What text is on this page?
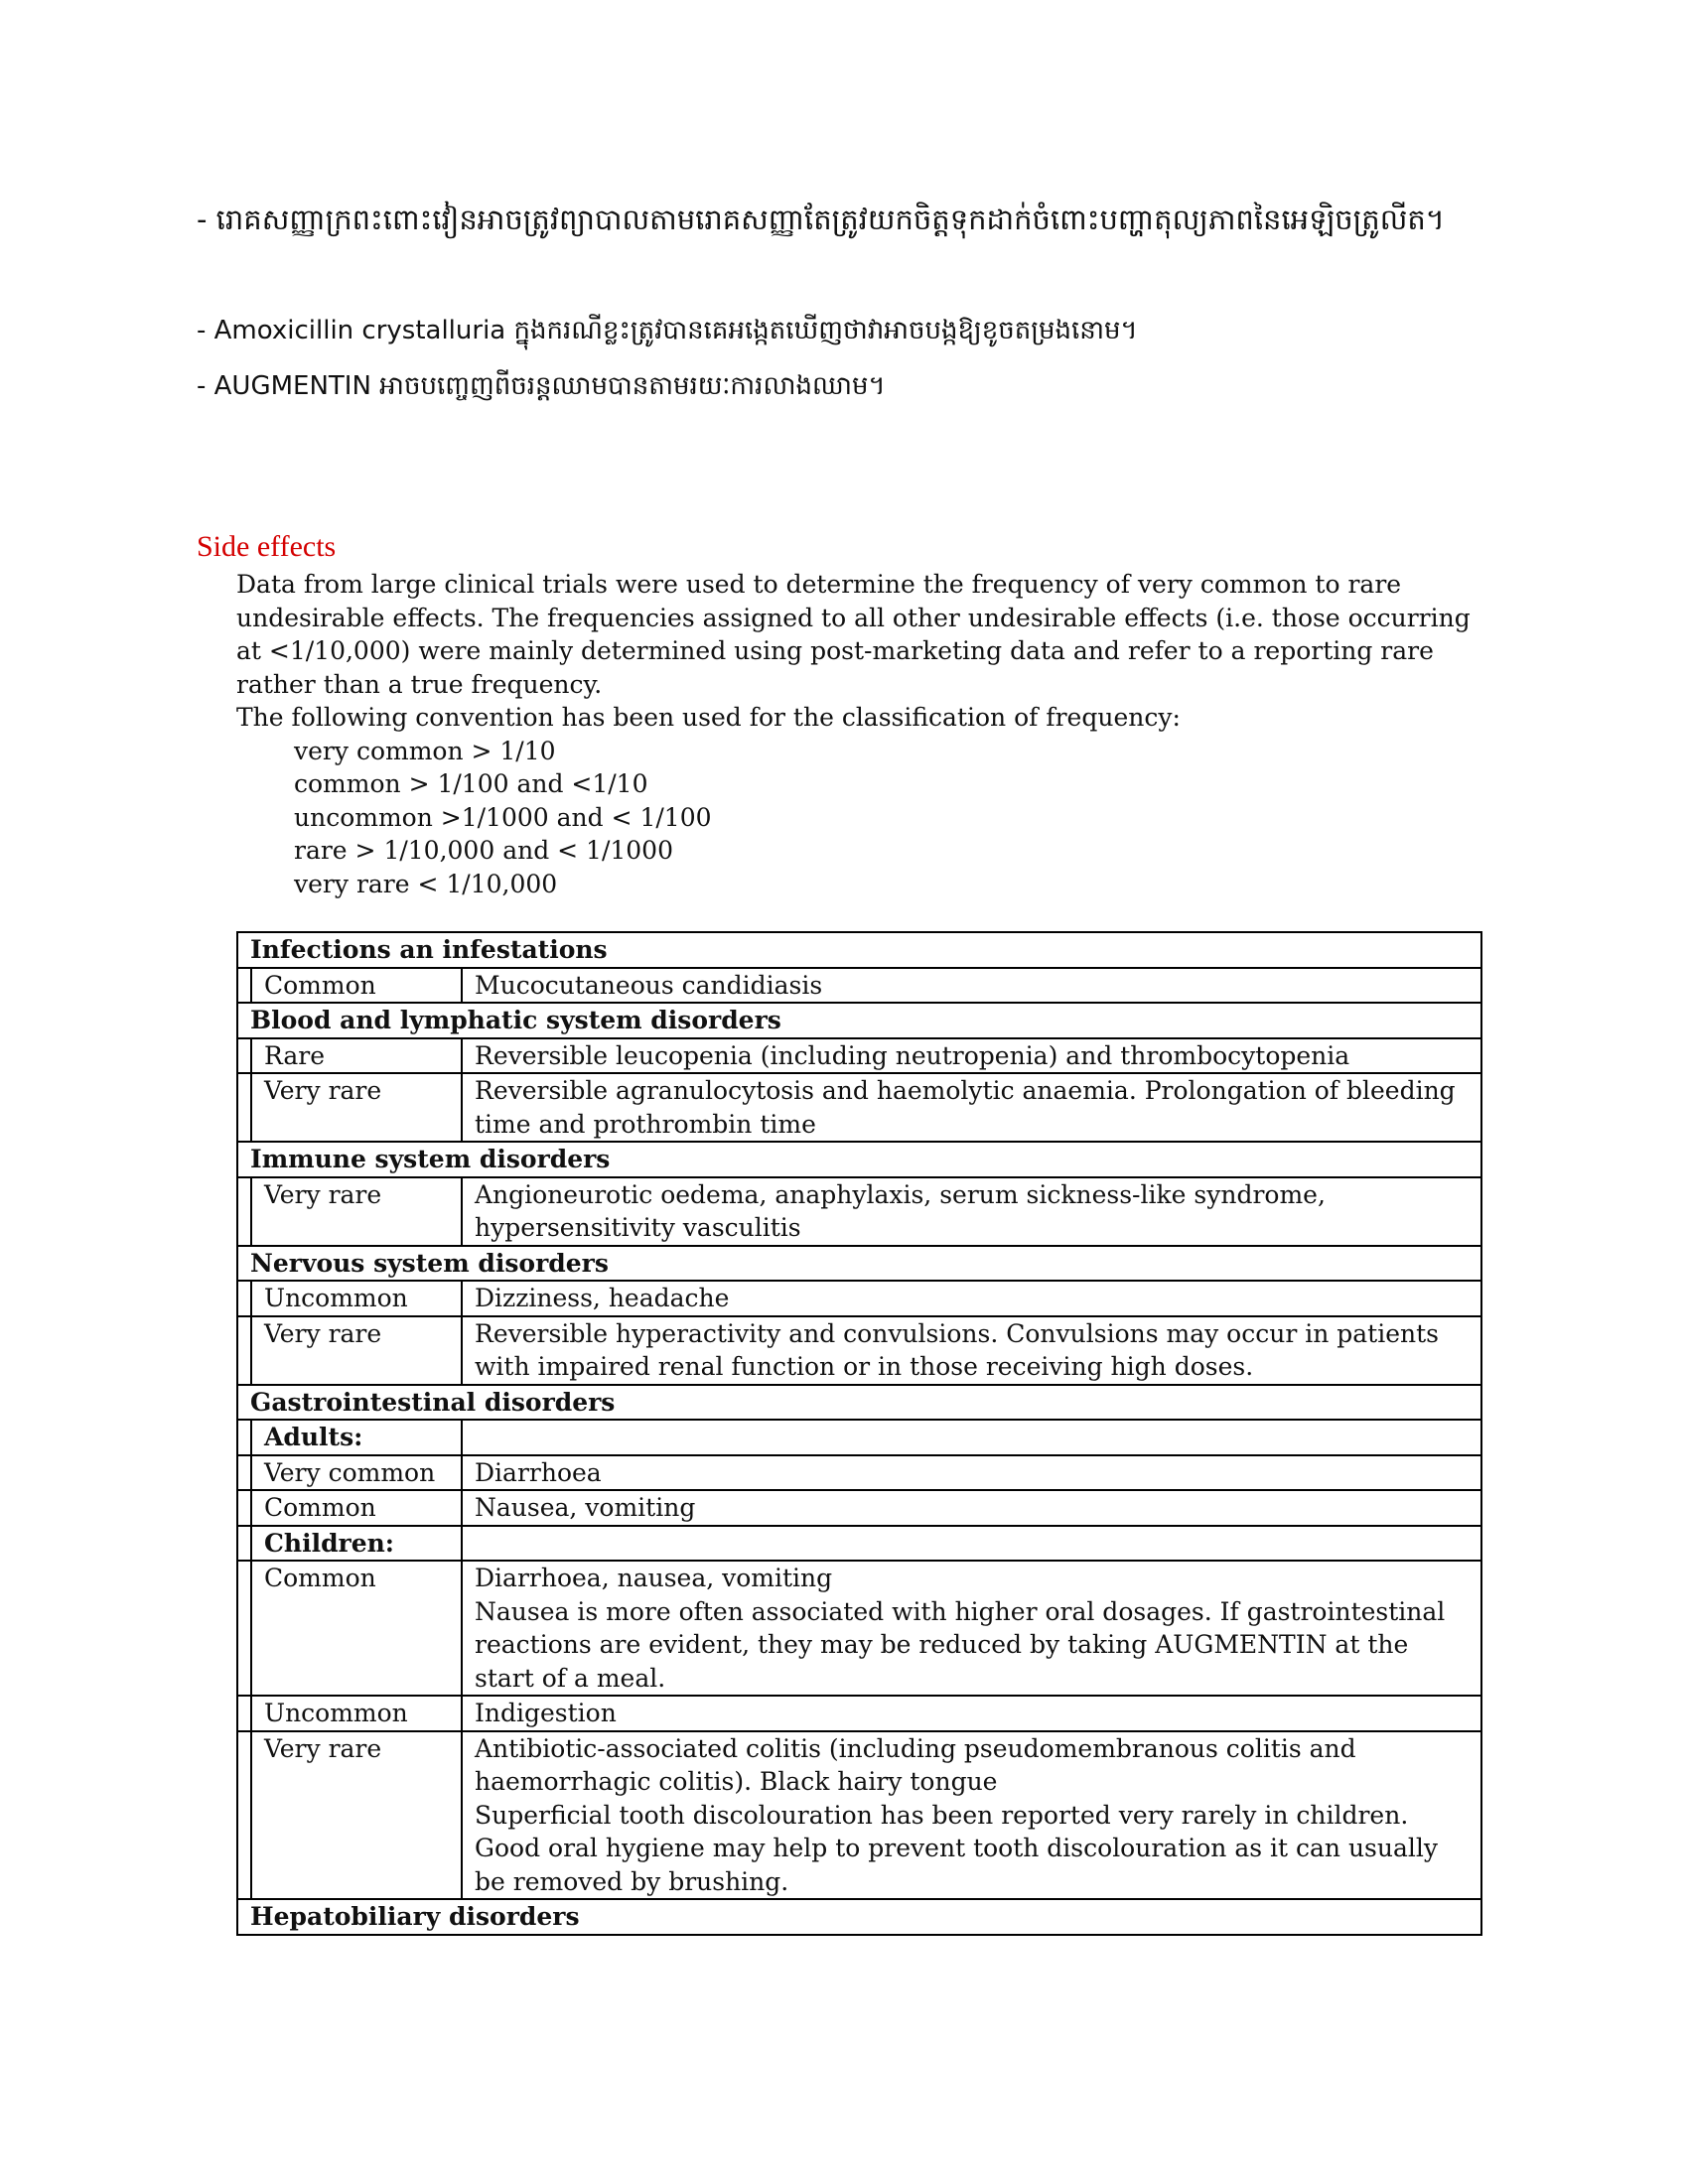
- រោគសញ្ញាក្រពះពោះវៀនអាចត្រូវព្យាបាលតាមរោគសញ្ញាតែត្រូវយកចិត្តទុកដាក់ចំពោះបញ្ហាតុល្យភាពនៃអេឡិចត្រូលីត។
- Amoxicillin crystalluria ក្នុងករណីខ្លះត្រូវបានគេអង្កេតឃើញថាវាអាចបង្កឱ្យខូចតម្រងនោម។
- AUGMENTIN អាចបញ្ចេញពីចរន្តឈាមបានតាមរយៈការលាងឈាម។
Side effects

Data from large clinical trials were used to determine the frequency of very common to rare undesirable effects. The frequencies assigned to all other undesirable effects (i.e. those occurring at <1/10,000) were mainly determined using post-marketing data and refer to a reporting rare rather than a true frequency.

The following convention has been used for the classification of frequency:

very common > 1/10
common > 1/100 and <1/10
uncommon >1/1000 and < 1/100
rare > 1/10,000 and < 1/1000
very rare < 1/10,000
Infections an infestations		
	Common	Mucocutaneous candidiasis

Blood and lymphatic system disorders		
	Rare	Reversible leucopenia (including neutropenia) and thrombocytopenia

	Very rare	Reversible agranulocytosis and haemolytic anaemia. Prolongation of bleeding time and prothrombin time

Immune system disorders		
	Very rare	Angioneurotic oedema, anaphylaxis, serum sickness-like syndrome, hypersensitivity vasculitis

Nervous system disorders		
	Uncommon	Dizziness, headache

	Very rare	Reversible hyperactivity and convulsions. Convulsions may occur in patients with impaired renal function or in those receiving high doses.

Gastrointestinal disorders		
	Adults:	

	Very common	Diarrhoea

	Common	Nausea, vomiting

	Children:	

	Common	Diarrhoea, nausea, vomiting
Nausea is more often associated with higher oral dosages. If gastrointestinal reactions are evident, they may be reduced by taking AUGMENTIN at the start of a meal.

	Uncommon	Indigestion

	Very rare	Antibiotic-associated colitis (including pseudomembranous colitis and haemorrhagic colitis). Black hairy tongue
Superficial tooth discolouration has been reported very rarely in children. Good oral hygiene may help to prevent tooth discolouration as it can usually be removed by brushing.

Hepatobiliary disorders		
